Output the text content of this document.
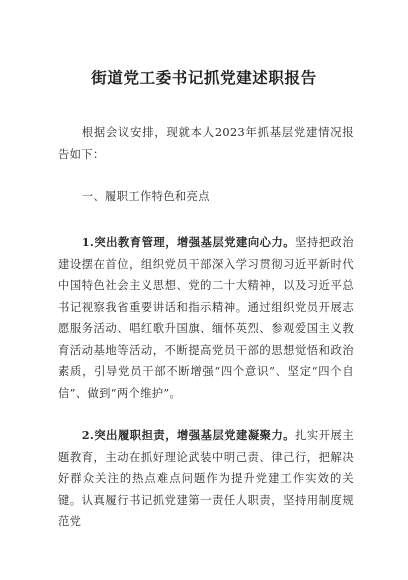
街道党工委书记抓党建述职报告
根据会议安排，现就本人2023年抓基层党建情况报告如下：
一、履职工作特色和亮点
1.突出教育管理，增强基层党建向心力。坚持把政治建设摆在首位，组织党员干部深入学习贯彻习近平新时代中国特色社会主义思想、党的二十大精神，以及习近平总书记视察我省重要讲话和指示精神。通过组织党员开展志愿服务活动、唱红歌升国旗、缅怀英烈、参观爱国主义教育活动基地等活动，不断提高党员干部的思想觉悟和政治素质，引导党员干部不断增强“四个意识”、坚定“四个自信”、做到“两个维护”。
2.突出履职担责，增强基层党建凝聚力。扎实开展主题教育，主动在抓好理论武装中明己责、律己行，把解决好群众关注的热点难点问题作为提升党建工作实效的关键。认真履行书记抓党建第一责任人职责，坚持用制度规范党
